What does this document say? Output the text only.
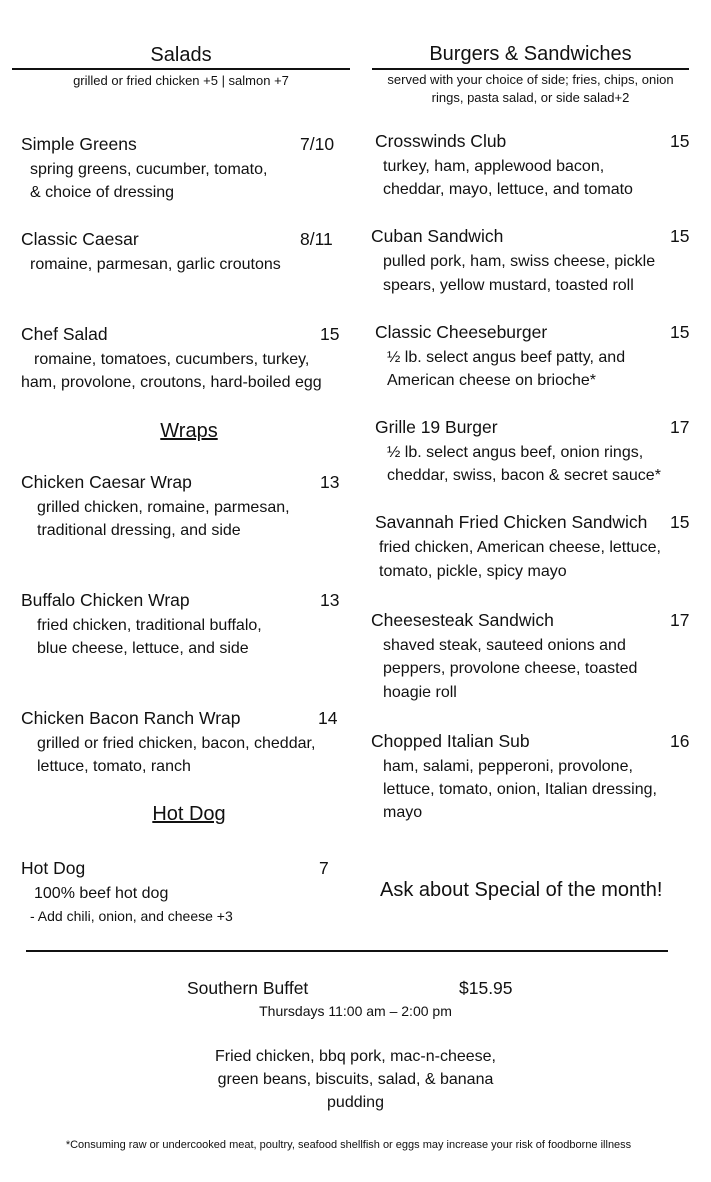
Salads
grilled or fried chicken +5 | salmon +7
Simple Greens	7/10
spring greens, cucumber, tomato,
& choice of dressing
Classic Caesar	8/11
romaine, parmesan, garlic croutons
Chef Salad	15
romaine, tomatoes, cucumbers, turkey,
ham, provolone, croutons, hard-boiled egg
Wraps
Chicken Caesar Wrap	13
grilled chicken, romaine, parmesan,
traditional dressing, and side
Buffalo Chicken Wrap	13
fried chicken, traditional buffalo,
blue cheese, lettuce, and side
Chicken Bacon Ranch Wrap	14
grilled or fried chicken, bacon, cheddar,
lettuce, tomato, ranch
Hot Dog
Hot Dog	7
100% beef hot dog
- Add chili, onion, and cheese +3
Burgers & Sandwiches
served with your choice of side; fries, chips, onion
rings, pasta salad, or side salad+2
Crosswinds Club	15
turkey, ham, applewood bacon,
cheddar, mayo, lettuce, and tomato
Cuban Sandwich	15
pulled pork, ham, swiss cheese, pickle
spears, yellow mustard, toasted roll
Classic Cheeseburger	15
½ lb. select angus beef patty, and
American cheese on brioche*
Grille 19 Burger	17
½ lb. select angus beef, onion rings,
cheddar, swiss, bacon & secret sauce*
Savannah Fried Chicken Sandwich 15
fried chicken, American cheese, lettuce,
tomato, pickle, spicy mayo
Cheesesteak Sandwich	17
shaved steak, sauteed onions and
peppers, provolone cheese, toasted
hoagie roll
Chopped Italian Sub	16
ham, salami, pepperoni, provolone,
lettuce, tomato, onion, Italian dressing,
mayo
Ask about Special of the month!
Southern Buffet	$15.95
Thursdays 11:00 am – 2:00 pm
Fried chicken, bbq pork, mac-n-cheese,
green beans, biscuits, salad, & banana
pudding
*Consuming raw or undercooked meat, poultry, seafood shellfish or eggs may increase your risk of foodborne illness
